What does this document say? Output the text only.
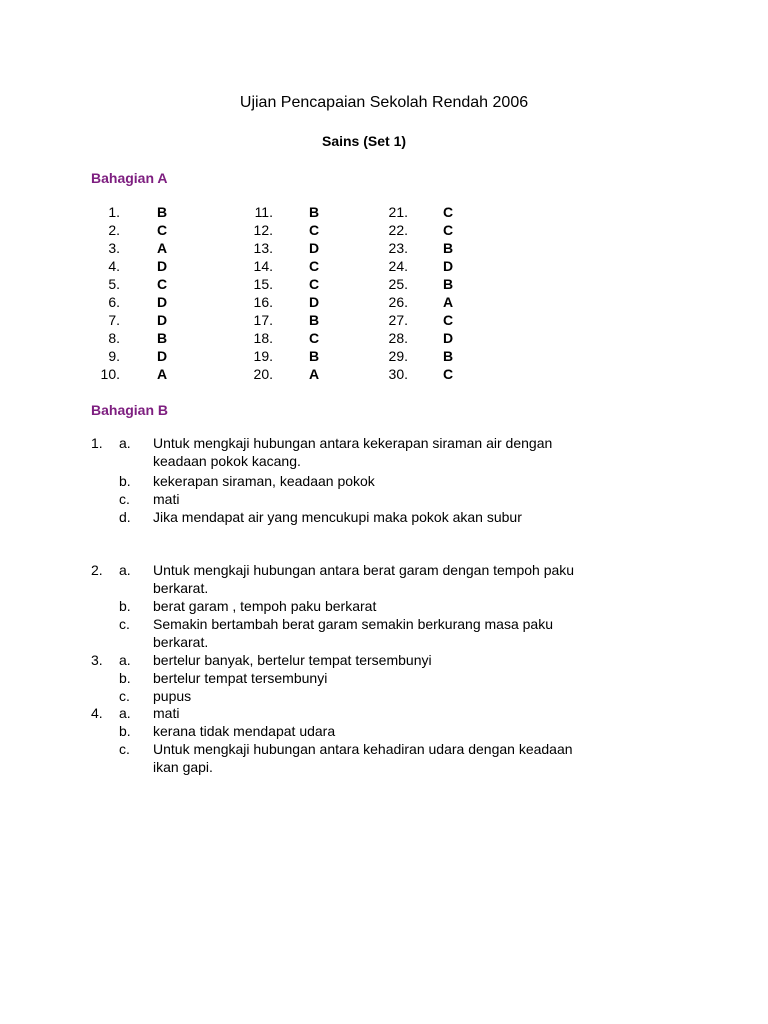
Ujian Pencapaian Sekolah Rendah 2006
Sains (Set 1)
Bahagian A
1.	B	11.	B	21.	C
2.	C	12.	C	22.	C
3.	A	13.	D	23.	B
4.	D	14.	C	24.	D
5.	C	15.	C	25.	B
6.	D	16.	D	26.	A
7.	D	17.	B	27.	C
8.	B	18.	C	28.	D
9.	D	19.	B	29.	B
10.	A	20.	A	30.	C
Bahagian B
1. a. Untuk mengkaji hubungan antara kekerapan siraman air dengan
keadaan pokok kacang.
b. kekerapan siraman, keadaan pokok
c. mati
d. Jika mendapat air yang mencukupi maka pokok akan subur
2. a. Untuk mengkaji hubungan antara berat garam dengan tempoh paku
berkarat.
b. berat garam , tempoh paku berkarat
c. Semakin bertambah berat garam semakin berkurang masa paku
berkarat.
3. a. bertelur banyak, bertelur tempat tersembunyi
b. bertelur tempat tersembunyi
c. pupus
4. a. mati
b. kerana tidak mendapat udara
c. Untuk mengkaji hubungan antara kehadiran udara dengan keadaan
ikan gapi.
